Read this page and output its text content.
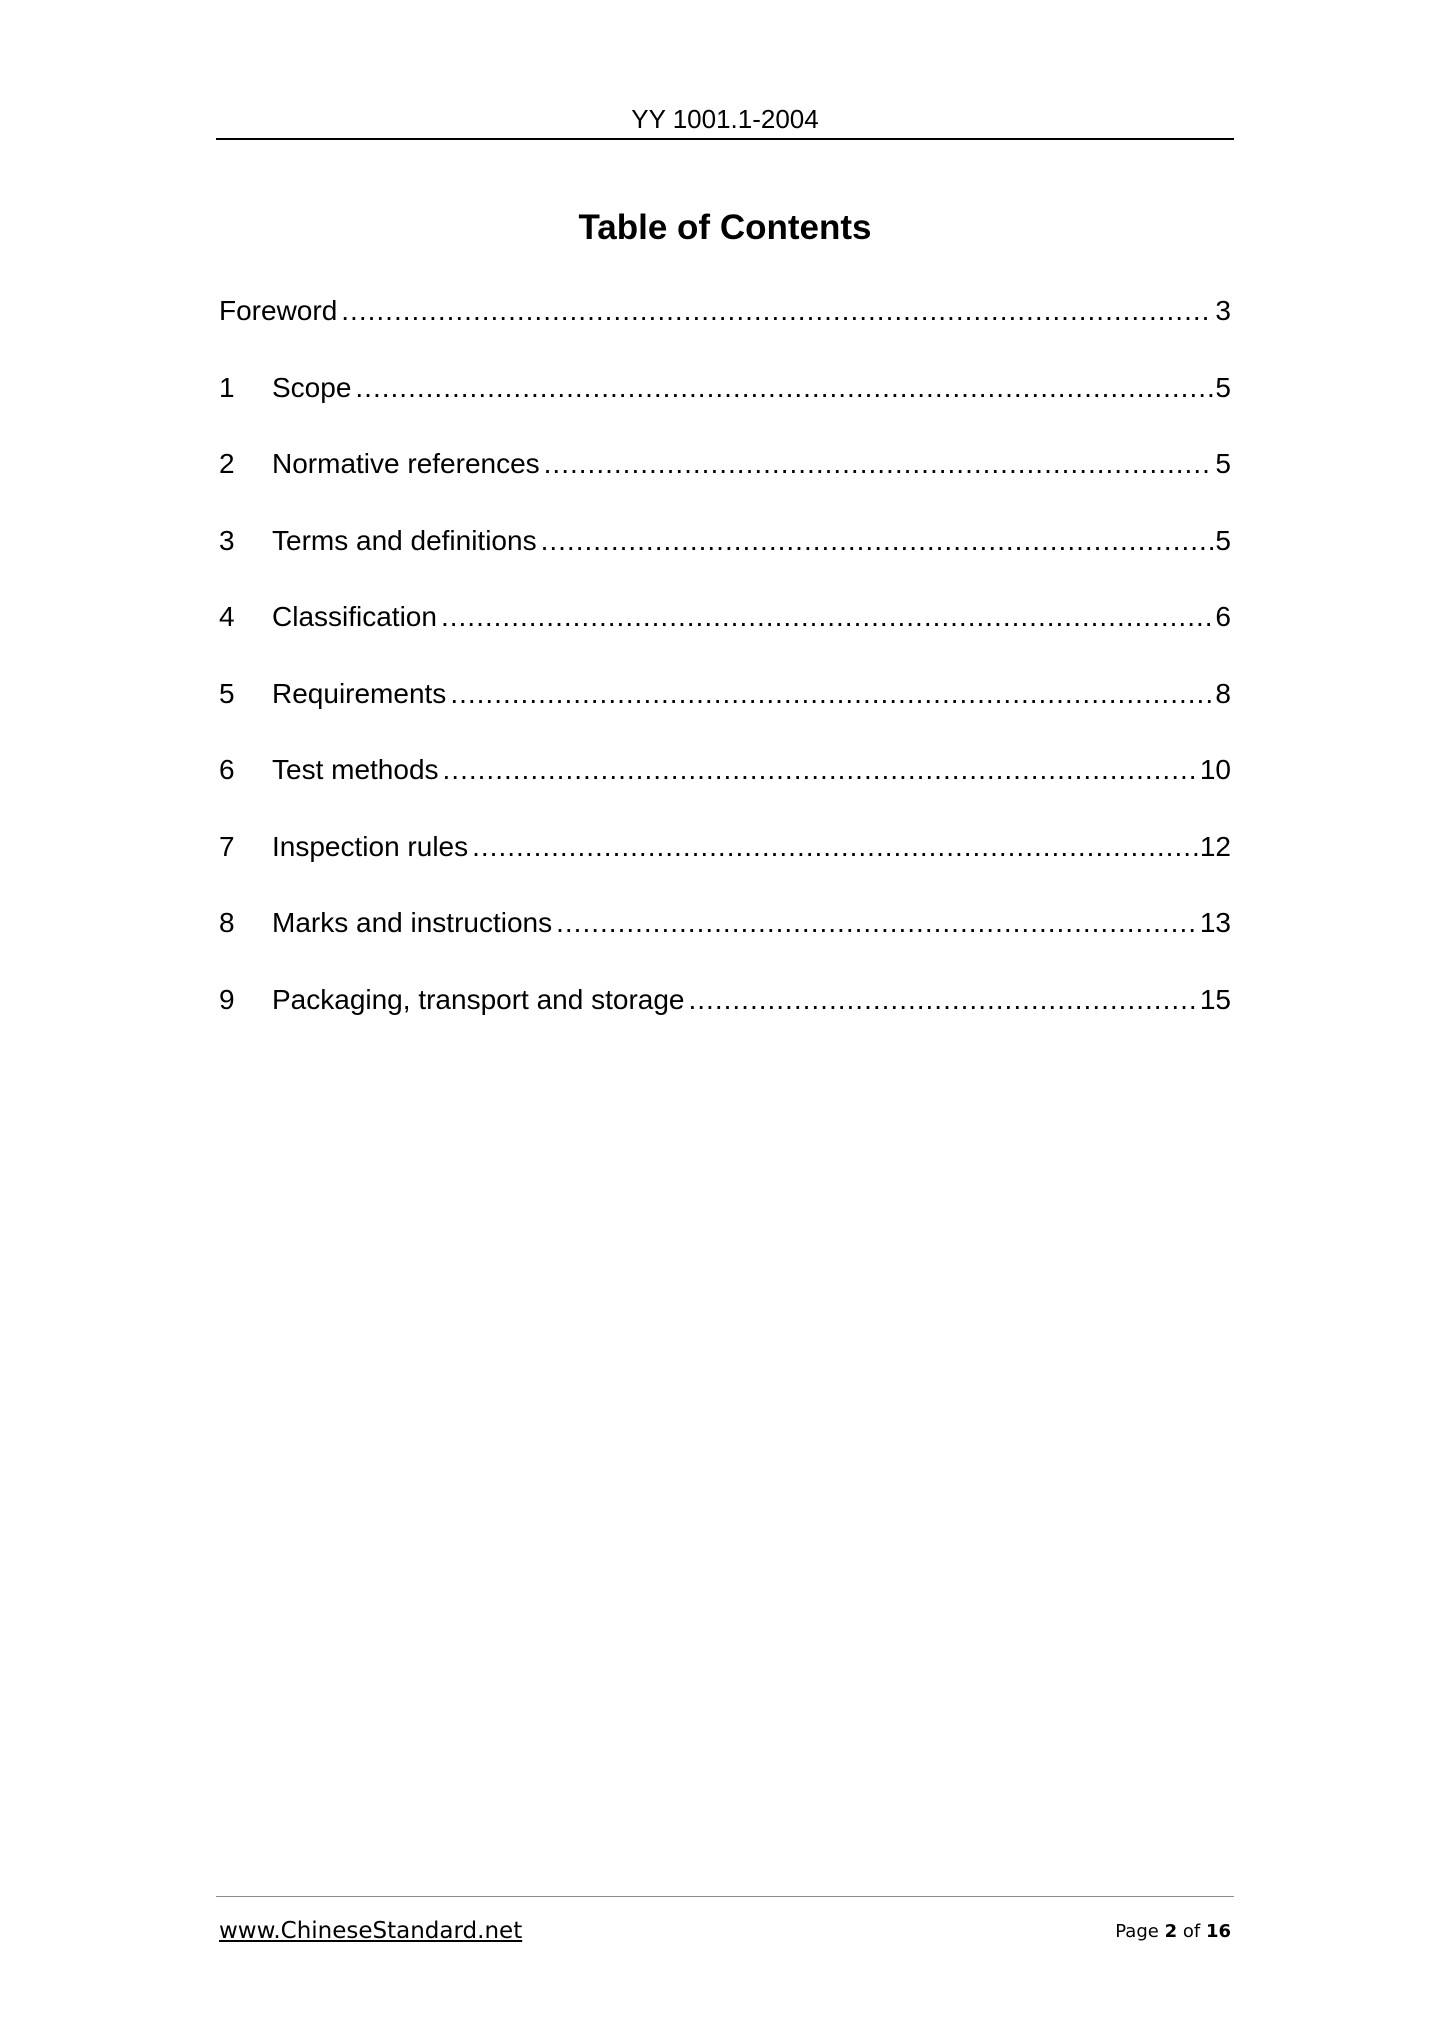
YY 1001.1-2004
Table of Contents
Foreword .....	3
1	Scope .....	5
2	Normative references .....	5
3	Terms and definitions .....	5
4	Classification .....	6
5	Requirements .....	8
6	Test methods .....	10
7	Inspection rules .....	12
8	Marks and instructions .....	13
9	Packaging, transport and storage .....	15
www.ChineseStandard.net	Page 2 of 16
